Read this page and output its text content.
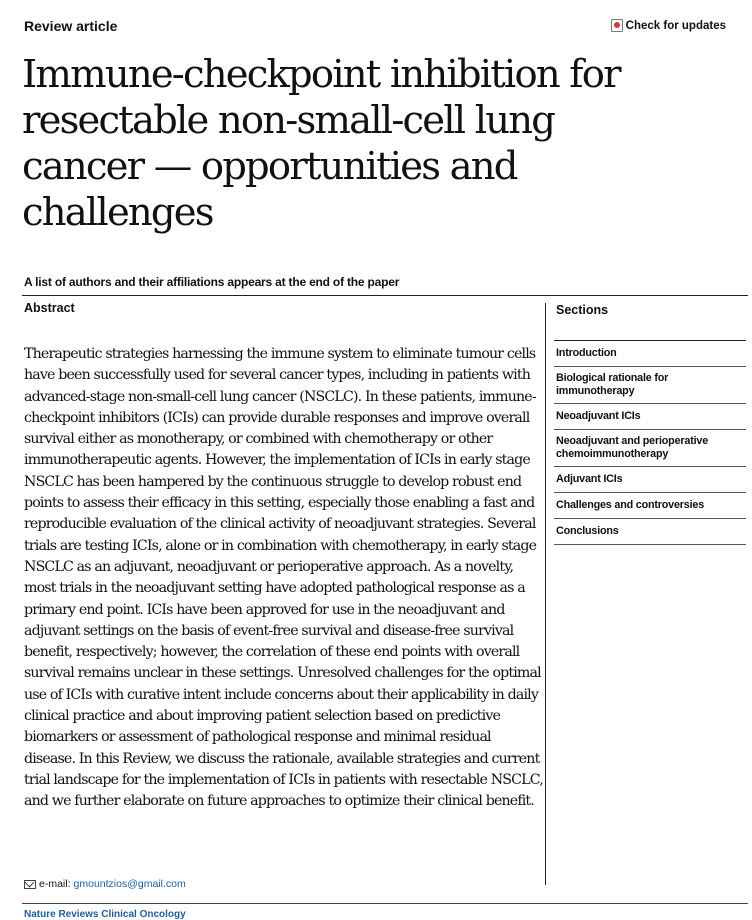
Review article	Check for updates
Immune-checkpoint inhibition for resectable non-small-cell lung cancer — opportunities and challenges
A list of authors and their affiliations appears at the end of the paper
Abstract

Therapeutic strategies harnessing the immune system to eliminate tumour cells have been successfully used for several cancer types, including in patients with advanced-stage non-small-cell lung cancer (NSCLC). In these patients, immune-checkpoint inhibitors (ICIs) can provide durable responses and improve overall survival either as monotherapy, or combined with chemotherapy or other immunotherapeutic agents. However, the implementation of ICIs in early stage NSCLC has been hampered by the continuous struggle to develop robust end points to assess their efficacy in this setting, especially those enabling a fast and reproducible evaluation of the clinical activity of neoadjuvant strategies. Several trials are testing ICIs, alone or in combination with chemotherapy, in early stage NSCLC as an adjuvant, neoadjuvant or perioperative approach. As a novelty, most trials in the neoadjuvant setting have adopted pathological response as a primary end point. ICIs have been approved for use in the neoadjuvant and adjuvant settings on the basis of event-free survival and disease-free survival benefit, respectively; however, the correlation of these end points with overall survival remains unclear in these settings. Unresolved challenges for the optimal use of ICIs with curative intent include concerns about their applicability in daily clinical practice and about improving patient selection based on predictive biomarkers or assessment of pathological response and minimal residual disease. In this Review, we discuss the rationale, available strategies and current trial landscape for the implementation of ICIs in patients with resectable NSCLC, and we further elaborate on future approaches to optimize their clinical benefit.

Sections
Introduction
Biological rationale for immunotherapy
Neoadjuvant ICIs
Neoadjuvant and perioperative chemoimmunotherapy
Adjuvant ICIs
Challenges and controversies
Conclusions
e-mail: gmountzios@gmail.com
Nature Reviews Clinical Oncology
